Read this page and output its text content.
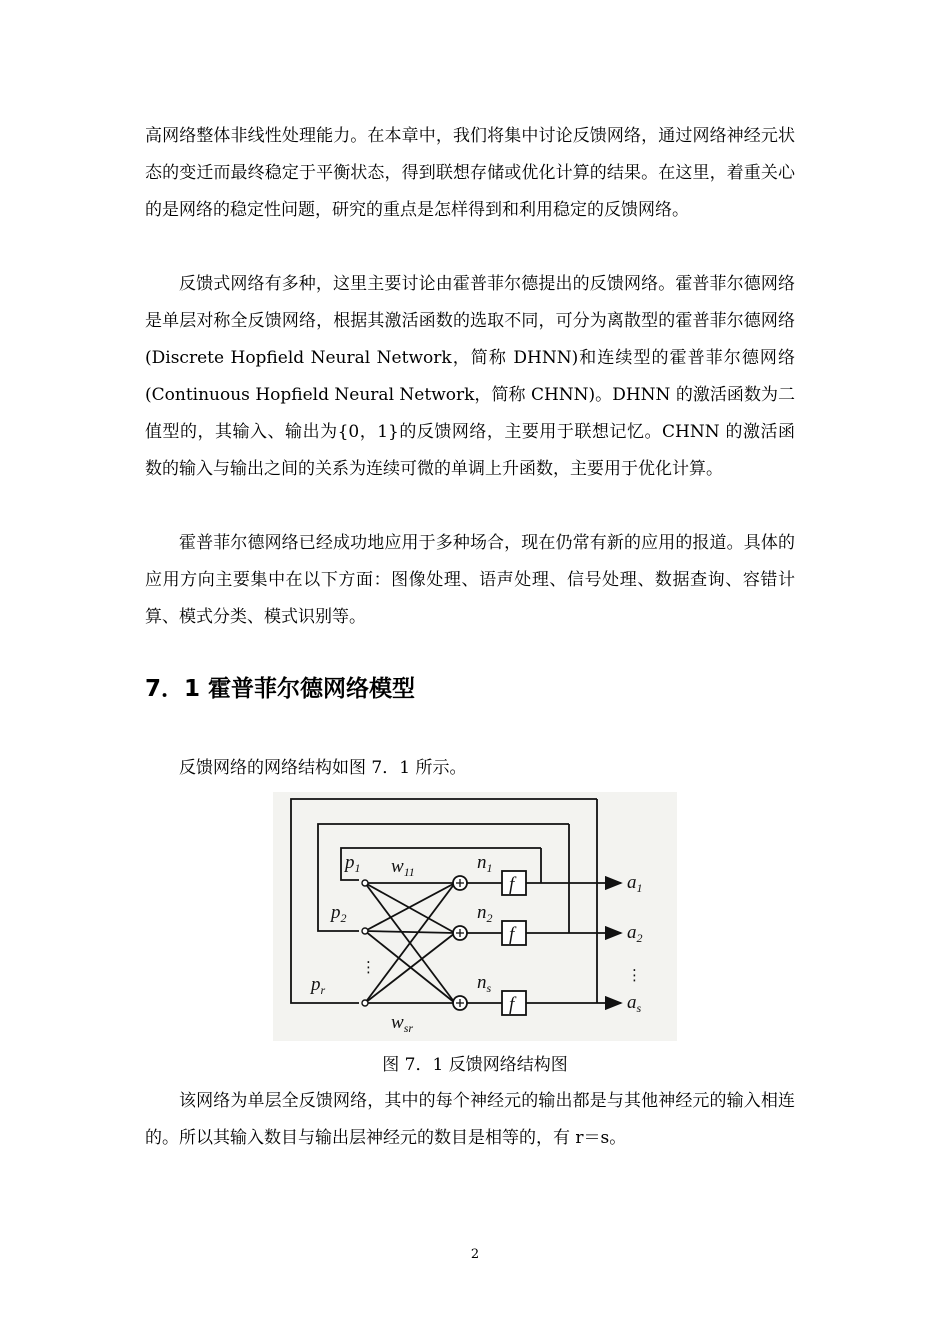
高网络整体非线性处理能力。在本章中，我们将集中讨论反馈网络，通过网络神经元状态的变迁而最终稳定于平衡状态，得到联想存储或优化计算的结果。在这里，着重关心的是网络的稳定性问题，研究的重点是怎样得到和利用稳定的反馈网络。

反馈式网络有多种，这里主要讨论由霍普菲尔德提出的反馈网络。霍普菲尔德网络是单层对称全反馈网络，根据其激活函数的选取不同，可分为离散型的霍普菲尔德网络(Discrete Hopfield Neural Network，简称 DHNN)和连续型的霍普菲尔德网络(Continuous Hopfield Neural Network，简称 CHNN)。DHNN 的激活函数为二值型的，其输入、输出为{0，1}的反馈网络，主要用于联想记忆。CHNN 的激活函数的输入与输出之间的关系为连续可微的单调上升函数，主要用于优化计算。

霍普菲尔德网络已经成功地应用于多种场合，现在仍常有新的应用的报道。具体的应用方向主要集中在以下方面：图像处理、语声处理、信号处理、数据查询、容错计算、模式分类、模式识别等。

7．1 霍普菲尔德网络模型

反馈网络的网络结构如图 7．1 所示。

$p_1$
$p_2$
$p_r$
$w_{11}$
$w_{sr}$
$n_1$
$n_2$
$n_s$
f
f
f
$a_1$
$a_2$
$a_s$
⋮	⋮

图 7．1 反馈网络结构图

该网络为单层全反馈网络，其中的每个神经元的输出都是与其他神经元的输入相连的。所以其输入数目与输出层神经元的数目是相等的，有 r＝s。

2
